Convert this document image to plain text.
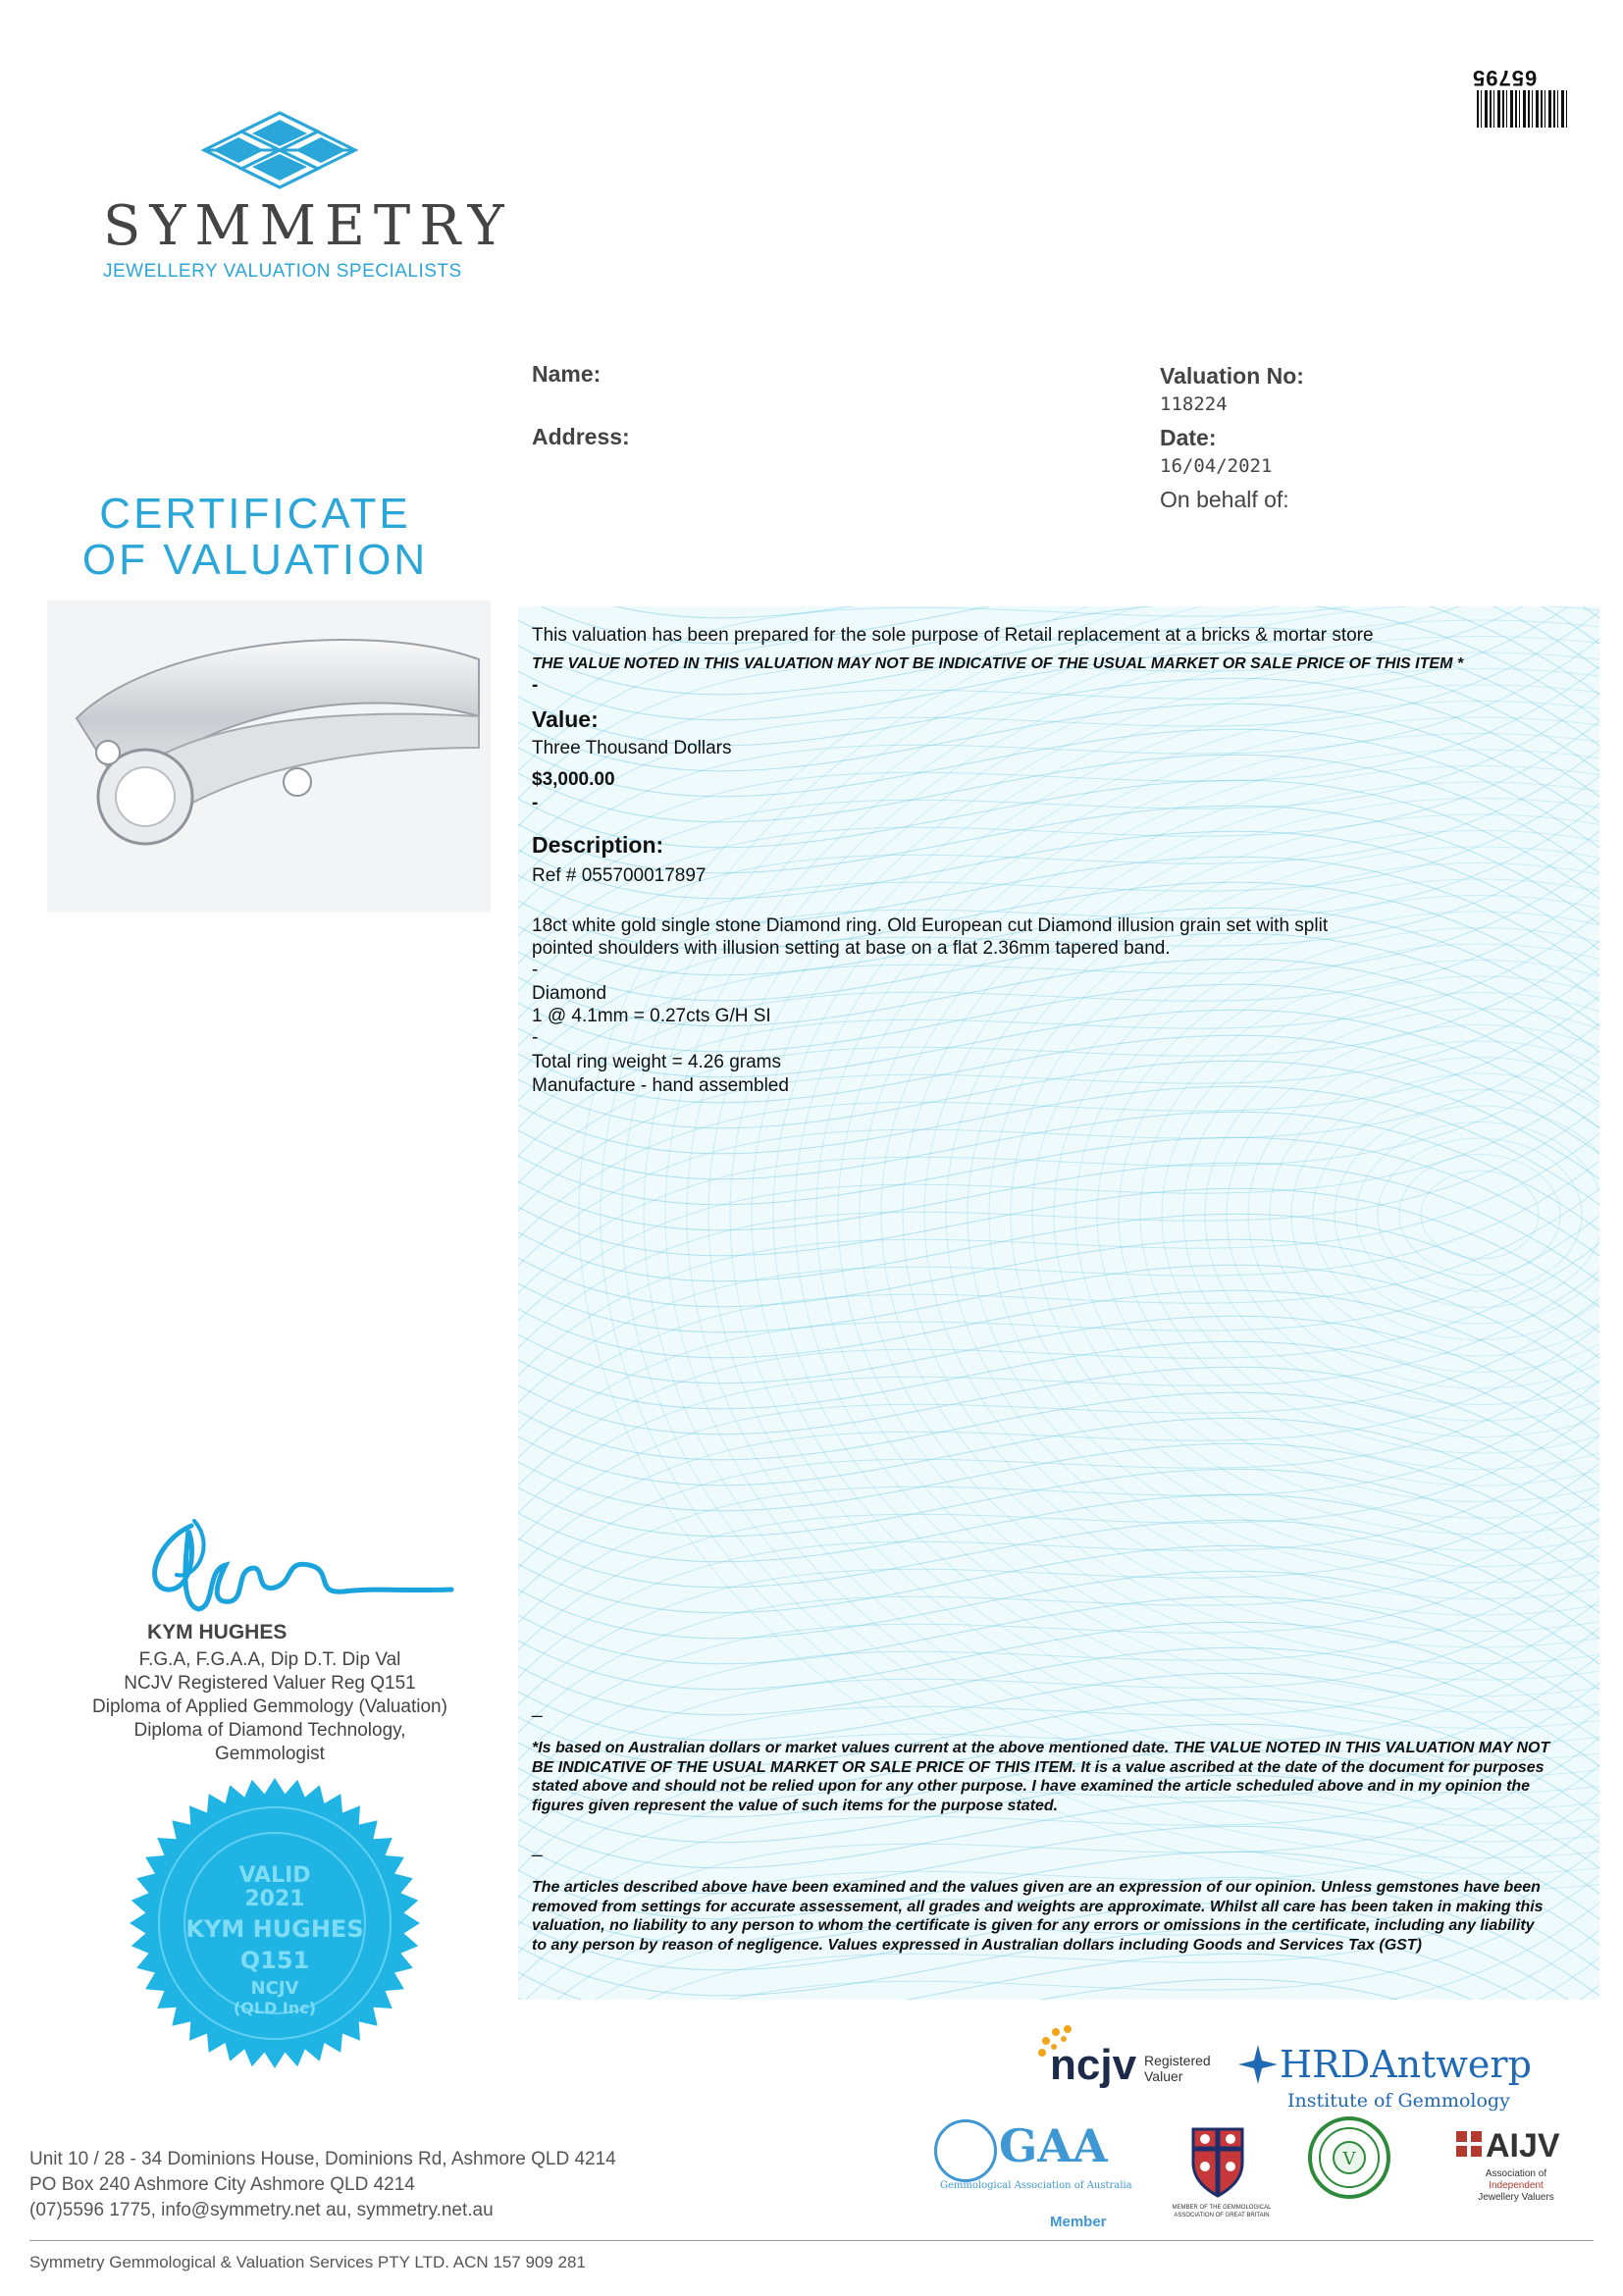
65795
SYMMETRY
JEWELLERY VALUATION SPECIALISTS
Name:
Address:
Valuation No:
118224
Date:
16/04/2021
On behalf of:
CERTIFICATE
OF VALUATION
This valuation has been prepared for the sole purpose of Retail replacement at a bricks & mortar store
THE VALUE NOTED IN THIS VALUATION MAY NOT BE INDICATIVE OF THE USUAL MARKET OR SALE PRICE OF THIS ITEM *
-
Value:
Three Thousand Dollars
$3,000.00
-
Description:
Ref # 055700017897
18ct white gold single stone Diamond ring. Old European cut Diamond illusion grain set with split
pointed shoulders with illusion setting at base on a flat 2.36mm tapered band.
-
Diamond
1 @ 4.1mm = 0.27cts G/H SI
-
Total ring weight = 4.26 grams
Manufacture - hand assembled
_
*Is based on Australian dollars or market values current at the above mentioned date. THE VALUE NOTED IN THIS VALUATION MAY NOT BE INDICATIVE OF THE USUAL MARKET OR SALE PRICE OF THIS ITEM. It is a value ascribed at the date of the document for purposes stated above and should not be relied upon for any other purpose. I have examined the article scheduled above and in my opinion the figures given represent the value of such items for the purpose stated.
_
The articles described above have been examined and the values given are an expression of our opinion. Unless gemstones have been removed from settings for accurate assessement, all grades and weights are approximate. Whilst all care has been taken in making this valuation, no liability to any person to whom the certificate is given for any errors or omissions in the certificate, including any liability to any person by reason of negligence. Values expressed in Australian dollars including Goods and Services Tax (GST)
KYM HUGHES
F.G.A, F.G.A.A, Dip D.T. Dip Val
NCJV Registered Valuer Reg Q151
Diploma of Applied Gemmology (Valuation)
Diploma of Diamond Technology,
Gemmologist
VALID
2021
KYM HUGHES
Q151
NCJV
(QLD Inc)
Unit 10 / 28 - 34 Dominions House, Dominions Rd, Ashmore QLD 4214
PO Box 240 Ashmore City Ashmore QLD 4214
(07)5596 1775, info@symmetry.net au, symmetry.net.au
Symmetry Gemmological & Valuation Services PTY LTD. ACN 157 909 281
ncjv Registered
Valuer	HRDAntwerp
Institute of Gemmology
GAA
Gemmological Association of Australia
Member
MEMBER OF THE GEMMOLOGICAL ASSOCIATION OF GREAT BRITAIN
V	AIJV
Association of
Independent
Jewellery Valuers
